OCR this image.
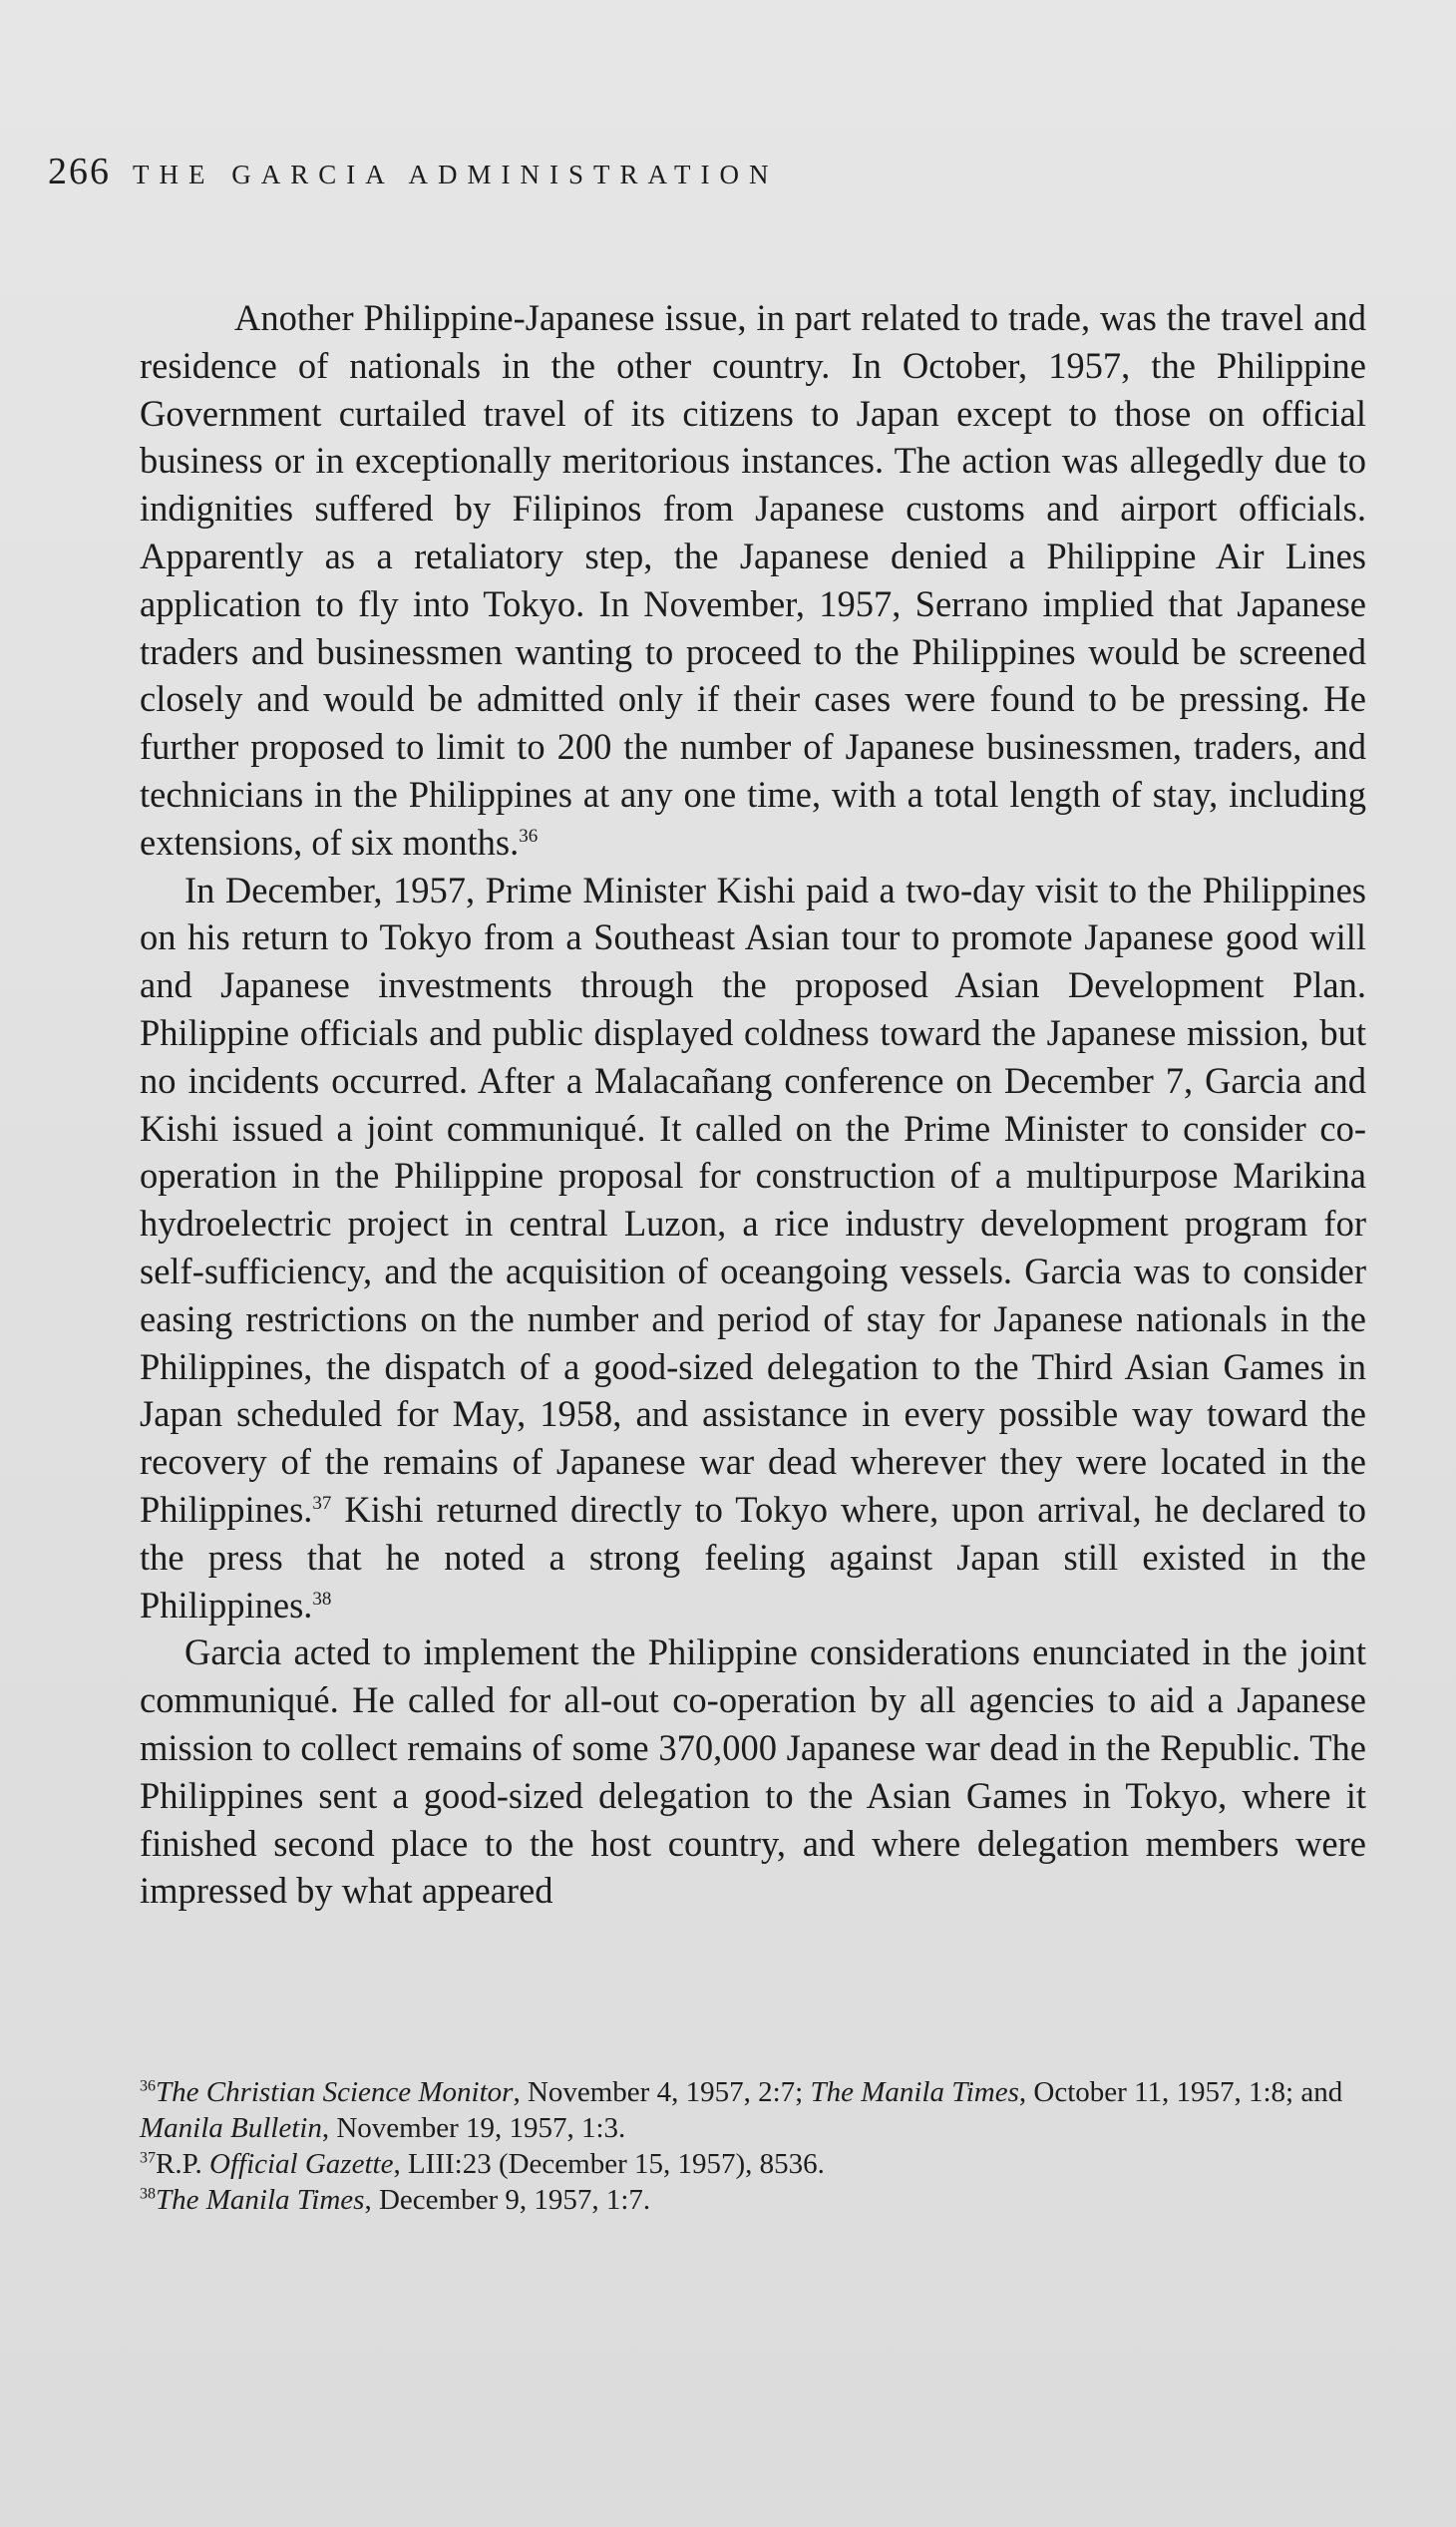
266 THE GARCIA ADMINISTRATION

Another Philippine-Japanese issue, in part related to trade, was the travel and residence of nationals in the other country. In October, 1957, the Philippine Government curtailed travel of its citizens to Japan except to those on official business or in exceptionally meritorious instances. The action was allegedly due to indignities suffered by Filipinos from Japanese customs and airport officials. Apparently as a retaliatory step, the Japanese denied a Philippine Air Lines application to fly into Tokyo. In November, 1957, Serrano implied that Japanese traders and businessmen wanting to proceed to the Philippines would be screened closely and would be admitted only if their cases were found to be pressing. He further proposed to limit to 200 the number of Japanese businessmen, traders, and technicians in the Philippines at any one time, with a total length of stay, including extensions, of six months.$^{36}$

In December, 1957, Prime Minister Kishi paid a two-day visit to the Philippines on his return to Tokyo from a Southeast Asian tour to promote Japanese good will and Japanese investments through the proposed Asian Development Plan. Philippine officials and public displayed coldness toward the Japanese mission, but no incidents occurred. After a Malacañang conference on December 7, Garcia and Kishi issued a joint communiqué. It called on the Prime Minister to consider co-operation in the Philippine proposal for construction of a multipurpose Marikina hydroelectric project in central Luzon, a rice industry development program for self-sufficiency, and the acquisition of oceangoing vessels. Garcia was to consider easing restrictions on the number and period of stay for Japanese nationals in the Philippines, the dispatch of a good-sized delegation to the Third Asian Games in Japan scheduled for May, 1958, and assistance in every possible way toward the recovery of the remains of Japanese war dead wherever they were located in the Philippines.$^{37}$ Kishi returned directly to Tokyo where, upon arrival, he declared to the press that he noted a strong feeling against Japan still existed in the Philippines.$^{38}$

Garcia acted to implement the Philippine considerations enunciated in the joint communiqué. He called for all-out co-operation by all agencies to aid a Japanese mission to collect remains of some 370,000 Japanese war dead in the Republic. The Philippines sent a good-sized delegation to the Asian Games in Tokyo, where it finished second place to the host country, and where delegation members were impressed by what appeared

$^{36}$The Christian Science Monitor, November 4, 1957, 2:7; The Manila Times, October 11, 1957, 1:8; and Manila Bulletin, November 19, 1957, 1:3.

$^{37}$R.P. Official Gazette, LIII:23 (December 15, 1957), 8536.

$^{38}$The Manila Times, December 9, 1957, 1:7.
